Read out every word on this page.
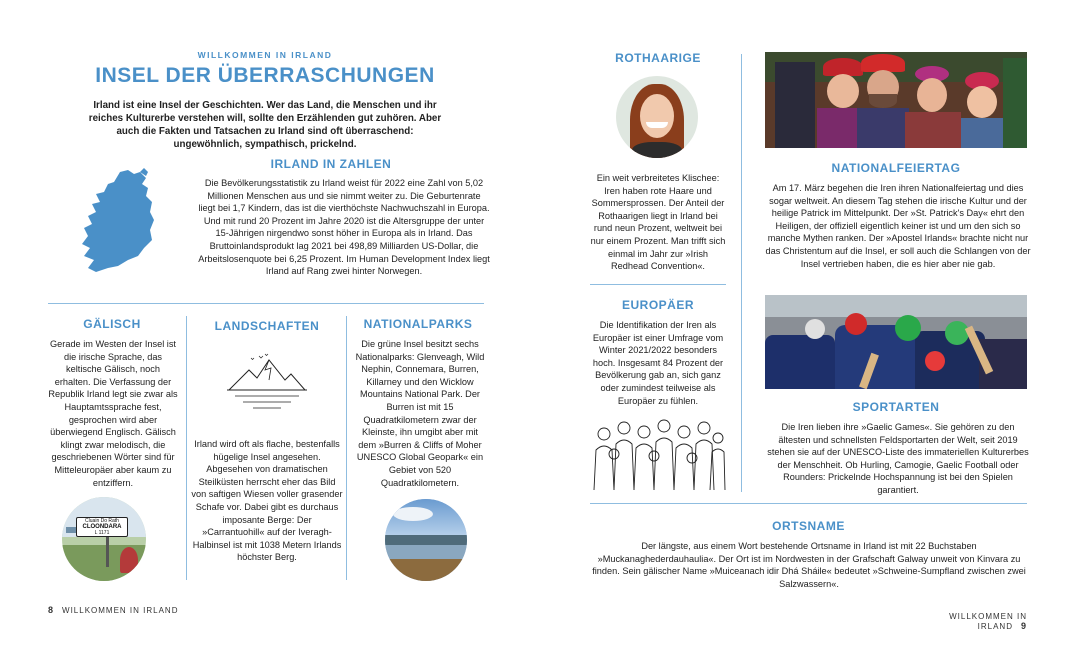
WILLKOMMEN IN IRLAND
INSEL DER ÜBERRASCHUNGEN
Irland ist eine Insel der Geschichten. Wer das Land, die Menschen und ihr reiches Kulturerbe verstehen will, sollte den Erzählenden gut zuhören. Aber auch die Fakten und Tatsachen zu Irland sind oft überraschend: ungewöhnlich, sympathisch, prickelnd.
IRLAND IN ZAHLEN
Die Bevölkerungsstatistik zu Irland weist für 2022 eine Zahl von 5,02 Millionen Menschen aus und sie nimmt weiter zu. Die Geburtenrate liegt bei 1,7 Kindern, das ist die vierthöchste Nachwuchszahl in Europa. Und mit rund 20 Prozent im Jahre 2020 ist die Altersgruppe der unter 15-Jährigen nirgendwo sonst höher in Europa als in Irland. Das Bruttoinlandsprodukt lag 2021 bei 498,89 Milliarden US-Dollar, die Arbeitslosenquote bei 6,25 Prozent. Im Human Development Index liegt Irland auf Rang zwei hinter Norwegen.
GÄLISCH
Gerade im Westen der Insel ist die irische Sprache, das keltische Gälisch, noch erhalten. Die Verfassung der Republik Irland legt sie zwar als Hauptamtssprache fest, gesprochen wird aber überwiegend Englisch. Gälisch klingt zwar melodisch, die geschriebenen Wörter sind für Mitteleuropäer aber kaum zu entziffern.
Cluain Do Rath
CLOONDARA
L 1171
LANDSCHAFTEN
Irland wird oft als flache, bestenfalls hügelige Insel angesehen. Abgesehen von dramatischen Steilküsten herrscht eher das Bild von saftigen Wiesen voller grasender Schafe vor. Dabei gibt es durchaus imposante Berge: Der »Carrantuohill« auf der Iveragh-Halbinsel ist mit 1038 Metern Irlands höchster Berg.
NATIONALPARKS
Die grüne Insel besitzt sechs Nationalparks: Glenveagh, Wild Nephin, Connemara, Burren, Killarney und den Wicklow Mountains National Park. Der Burren ist mit 15 Quadratkilometern zwar der Kleinste, ihn umgibt aber mit dem »Burren & Cliffs of Moher UNESCO Global Geopark« ein Gebiet von 520 Quadratkilometern.
8 WILLKOMMEN IN IRLAND
ROTHAARIGE
Ein weit verbreitetes Klischee: Iren haben rote Haare und Sommersprossen. Der Anteil der Rothaarigen liegt in Irland bei rund neun Prozent, weltweit bei nur einem Prozent. Man trifft sich einmal im Jahr zur »Irish Redhead Convention«.
EUROPÄER
Die Identifikation der Iren als Europäer ist einer Umfrage vom Winter 2021/2022 besonders hoch. Insgesamt 84 Prozent der Bevölkerung gab an, sich ganz oder zumindest teilweise als Europäer zu fühlen.
NATIONALFEIERTAG
Am 17. März begehen die Iren ihren Nationalfeiertag und dies sogar weltweit. An diesem Tag stehen die irische Kultur und der heilige Patrick im Mittelpunkt. Der »St. Patrick's Day« ehrt den Heiligen, der offiziell eigentlich keiner ist und um den sich so manche Mythen ranken. Der »Apostel Irlands« brachte nicht nur das Christentum auf die Insel, er soll auch die Schlangen von der Insel vertrieben haben, die es hier aber nie gab.
SPORTARTEN
Die Iren lieben ihre »Gaelic Games«. Sie gehören zu den ältesten und schnellsten Feldsportarten der Welt, seit 2019 stehen sie auf der UNESCO-Liste des immateriellen Kulturerbes der Menschheit. Ob Hurling, Camogie, Gaelic Football oder Rounders: Prickelnde Hochspannung ist bei den Spielen garantiert.
ORTSNAME
Der längste, aus einem Wort bestehende Ortsname in Irland ist mit 22 Buchstaben »Muckanaghederdauhaulia«. Der Ort ist im Nordwesten in der Grafschaft Galway unweit von Kinvara zu finden. Sein gälischer Name »Muiceanach idir Dhá Sháile« bedeutet »Schweine-Sumpfland zwischen zwei Salzwassern«.
WILLKOMMEN IN IRLAND 9
